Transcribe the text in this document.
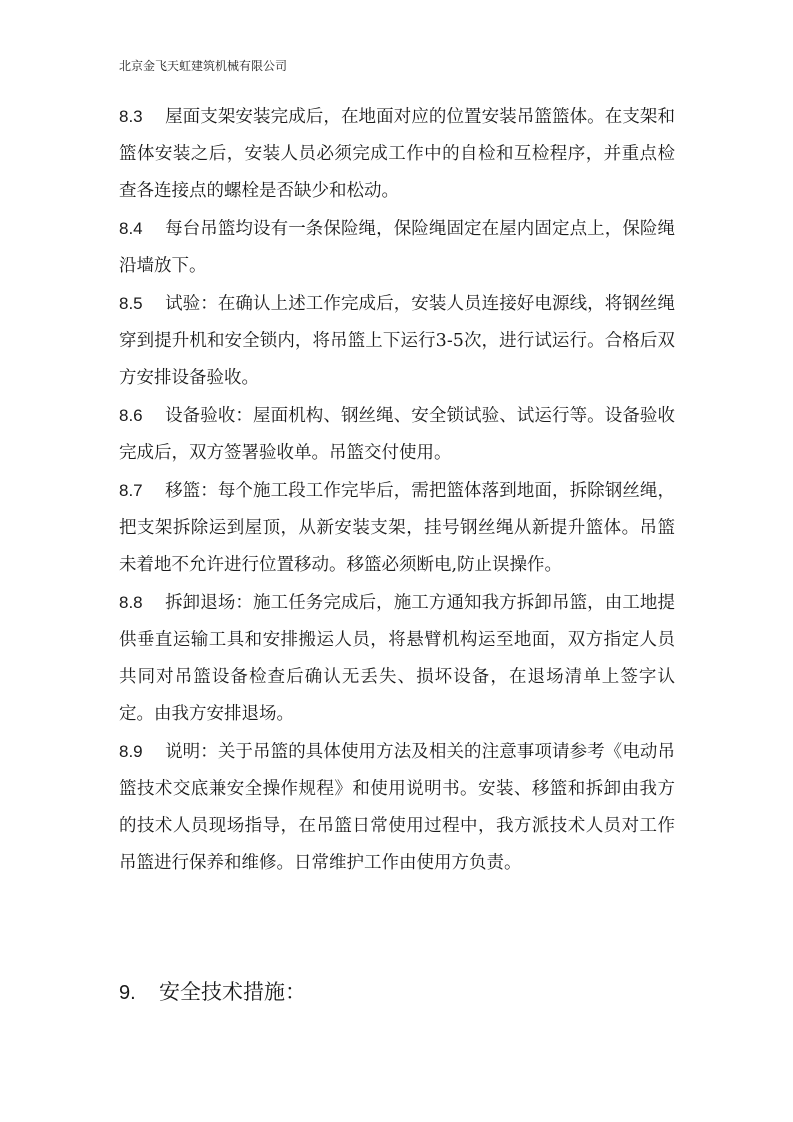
北京金飞天虹建筑机械有限公司

8.3 屋面支架安装完成后，在地面对应的位置安装吊篮篮体。在支架和篮体安装之后，安装人员必须完成工作中的自检和互检程序，并重点检查各连接点的螺栓是否缺少和松动。

8.4 每台吊篮均设有一条保险绳，保险绳固定在屋内固定点上，保险绳沿墙放下。

8.5 试验：在确认上述工作完成后，安装人员连接好电源线，将钢丝绳穿到提升机和安全锁内，将吊篮上下运行3-5次，进行试运行。合格后双方安排设备验收。

8.6 设备验收：屋面机构、钢丝绳、安全锁试验、试运行等。设备验收完成后，双方签署验收单。吊篮交付使用。

8.7 移篮：每个施工段工作完毕后，需把篮体落到地面，拆除钢丝绳，把支架拆除运到屋顶，从新安装支架，挂号钢丝绳从新提升篮体。吊篮未着地不允许进行位置移动。移篮必须断电,防止误操作。

8.8 拆卸退场：施工任务完成后，施工方通知我方拆卸吊篮，由工地提供垂直运输工具和安排搬运人员，将悬臂机构运至地面，双方指定人员共同对吊篮设备检查后确认无丢失、损坏设备，在退场清单上签字认定。由我方安排退场。

8.9 说明：关于吊篮的具体使用方法及相关的注意事项请参考《电动吊篮技术交底兼安全操作规程》和使用说明书。安装、移篮和拆卸由我方的技术人员现场指导，在吊篮日常使用过程中，我方派技术人员对工作吊篮进行保养和维修。日常维护工作由使用方负责。

9. 安全技术措施：
